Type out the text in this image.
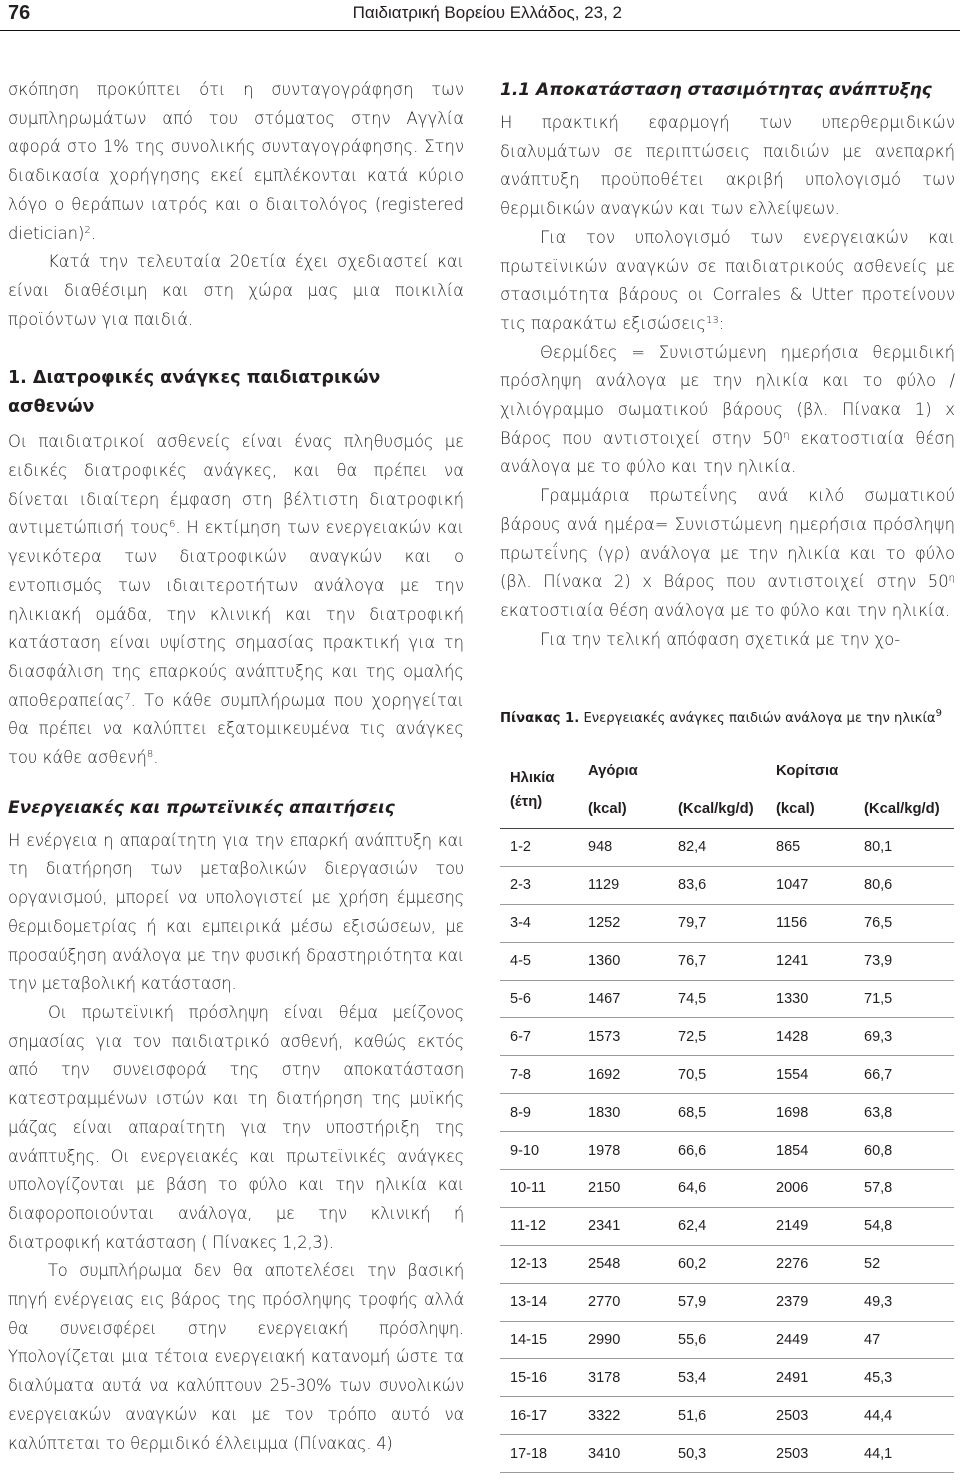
76	Παιδιατρική Βορείου Ελλάδος, 23, 2

σκόπηση προκύπτει ότι η συνταγογράφηση των συμπληρωμάτων από του στόματος στην Αγγλία αφορά στο 1% της συνολικής συνταγογράφησης. Στην διαδικασία χορήγησης εκεί εμπλέκονται κατά κύριο λόγο ο θεράπων ιατρός και ο διαιτολόγος (registered dietician)$^2$.

Κατά την τελευταία 20ετία έχει σχεδιαστεί και είναι διαθέσιμη και στη χώρα μας μια ποικιλία προϊόντων για παιδιά.

1. Διατροφικές ανάγκες παιδιατρικών ασθενών

Οι παιδιατρικοί ασθενείς είναι ένας πληθυσμός με ειδικές διατροφικές ανάγκες, και θα πρέπει να δίνεται ιδιαίτερη έμφαση στη βέλτιστη διατροφική αντιμετώπισή τους$^6$. Η εκτίμηση των ενεργειακών και γενικότερα των διατροφικών αναγκών και ο εντοπισμός των ιδιαιτεροτήτων ανάλογα με την ηλικιακή ομάδα, την κλινική και την διατροφική κατάσταση είναι υψίστης σημασίας πρακτική για τη διασφάλιση της επαρκούς ανάπτυξης και της ομαλής αποθεραπείας$^7$. Το κάθε συμπλήρωμα που χορηγείται θα πρέπει να καλύπτει εξατομικευμένα τις ανάγκες του κάθε ασθενή$^8$.

Ενεργειακές και πρωτεϊνικές απαιτήσεις

Η ενέργεια η απαραίτητη για την επαρκή ανάπτυξη και τη διατήρηση των μεταβολικών διεργασιών του οργανισμού, μπορεί να υπολογιστεί με χρήση έμμεσης θερμιδομετρίας ή και εμπειρικά μέσω εξισώσεων, με προσαύξηση ανάλογα με την φυσική δραστηριότητα και την μεταβολική κατάσταση.

Οι πρωτεϊνική πρόσληψη είναι θέμα μείζονος σημασίας για τον παιδιατρικό ασθενή, καθώς εκτός από την συνεισφορά της στην αποκατάσταση κατεστραμμένων ιστών και τη διατήρηση της μυϊκής μάζας είναι απαραίτητη για την υποστήριξη της ανάπτυξης. Οι ενεργειακές και πρωτεϊνικές ανάγκες υπολογίζονται με βάση το φύλο και την ηλικία και διαφοροποιούνται ανάλογα, με την κλινική ή διατροφική κατάσταση ( Πίνακες 1,2,3).

Το συμπλήρωμα δεν θα αποτελέσει την βασική πηγή ενέργειας εις βάρος της πρόσληψης τροφής αλλά θα συνεισφέρει στην ενεργειακή πρόσληψη. Υπολογίζεται μια τέτοια ενεργειακή κατανομή ώστε τα διαλύματα αυτά να καλύπτουν 25-30% των συνολικών ενεργειακών αναγκών και με τον τρόπο αυτό να καλύπτεται το θερμιδικό έλλειμμα (Πίνακας. 4)

1.1 Αποκατάσταση στασιμότητας ανάπτυξης

Η πρακτική εφαρμογή των υπερθερμιδικών διαλυμάτων σε περιπτώσεις παιδιών με ανεπαρκή ανάπτυξη προϋποθέτει ακριβή υπολογισμό των θερμιδικών αναγκών και των ελλείψεων.

Για τον υπολογισμό των ενεργειακών και πρωτεϊνικών αναγκών σε παιδιατρικούς ασθενείς με στασιμότητα βάρους οι Corrales & Utter προτείνουν τις παρακάτω εξισώσεις$^{13}$:

Θερμίδες = Συνιστώμενη ημερήσια θερμιδική πρόσληψη ανάλογα με την ηλικία και το φύλο / χιλιόγραμμο σωματικού βάρους (βλ. Πίνακα 1) x Βάρος που αντιστοιχεί στην $50^\eta$ εκατοστιαία θέση ανάλογα με το φύλο και την ηλικία.

Γραμμάρια πρωτεΐνης ανά κιλό σωματικού βάρους ανά ημέρα= Συνιστώμενη ημερήσια πρόσληψη πρωτεΐνης (γρ) ανάλογα με την ηλικία και το φύλο (βλ. Πίνακα 2) x Βάρος που αντιστοιχεί στην $50^\eta$ εκατοστιαία θέση ανάλογα με το φύλο και την ηλικία.

Για την τελική απόφαση σχετικά με την χο-

Πίνακας 1. Ενεργειακές ανάγκες παιδιών ανάλογα με την ηλικία$^9$
Ηλικία (έτη)	Αγόρια		Κορίτσια	
	(kcal)	(Kcal/kg/d)	(kcal)	(Kcal/kg/d)
1-2	948	82,4	865	80,1
2-3	1129	83,6	1047	80,6
3-4	1252	79,7	1156	76,5
4-5	1360	76,7	1241	73,9
5-6	1467	74,5	1330	71,5
6-7	1573	72,5	1428	69,3
7-8	1692	70,5	1554	66,7
8-9	1830	68,5	1698	63,8
9-10	1978	66,6	1854	60,8
10-11	2150	64,6	2006	57,8
11-12	2341	62,4	2149	54,8
12-13	2548	60,2	2276	52
13-14	2770	57,9	2379	49,3
14-15	2990	55,6	2449	47
15-16	3178	53,4	2491	45,3
16-17	3322	51,6	2503	44,4
17-18	3410	50,3	2503	44,1
